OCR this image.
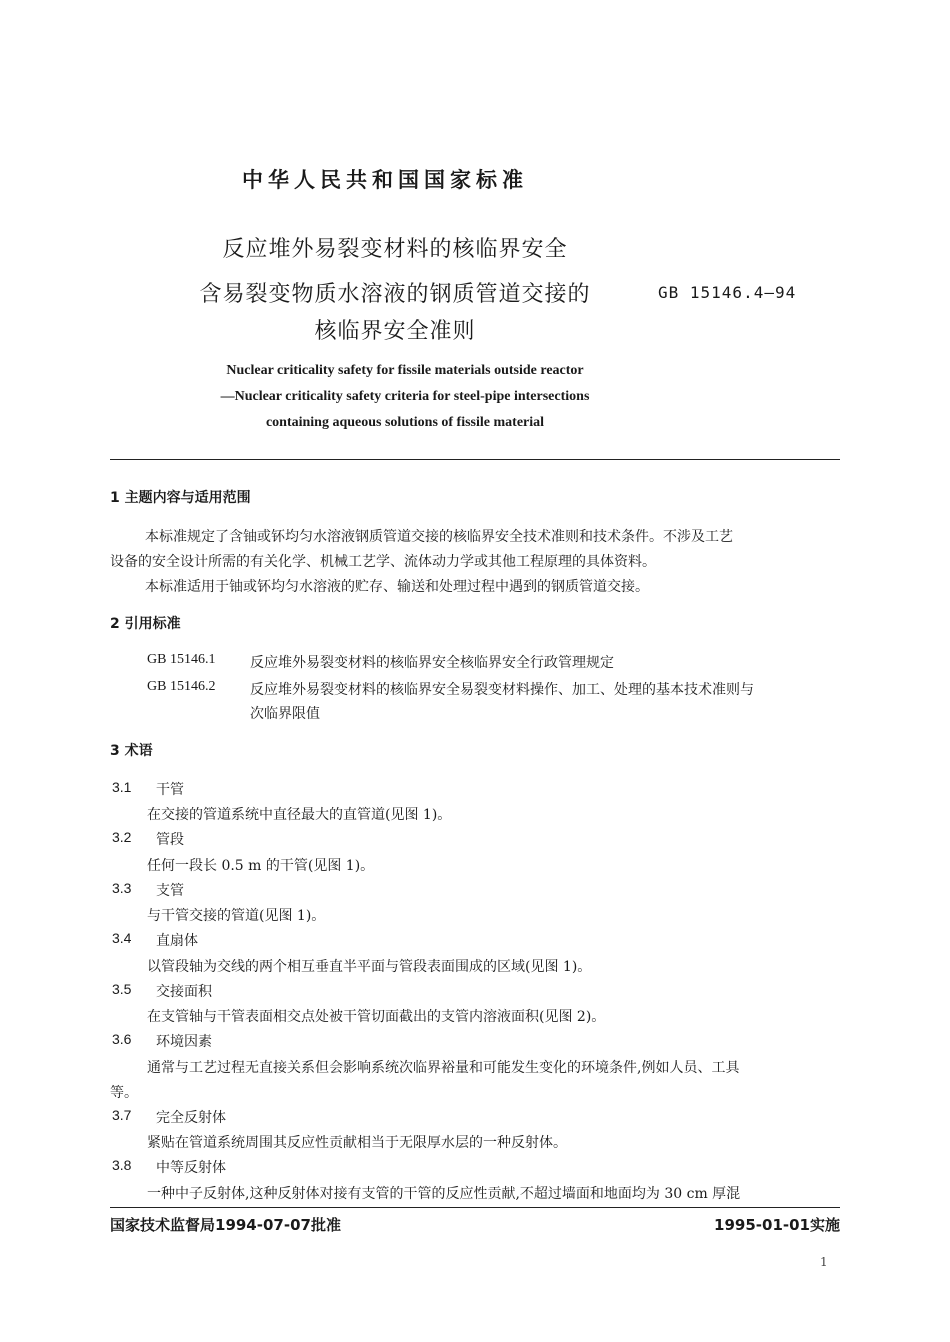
中华人民共和国国家标准
反应堆外易裂变材料的核临界安全
含易裂变物质水溶液的钢质管道交接的
核临界安全准则
GB 15146.4—94
Nuclear criticality safety for fissile materials outside reactor
—Nuclear criticality safety criteria for steel-pipe intersections
containing aqueous solutions of fissile material
1 主题内容与适用范围
本标准规定了含铀或钚均匀水溶液钢质管道交接的核临界安全技术准则和技术条件。不涉及工艺
设备的安全设计所需的有关化学、机械工艺学、流体动力学或其他工程原理的具体资料。
本标准适用于铀或钚均匀水溶液的贮存、输送和处理过程中遇到的钢质管道交接。
2 引用标准
GB 15146.1 反应堆外易裂变材料的核临界安全核临界安全行政管理规定
GB 15146.2 反应堆外易裂变材料的核临界安全易裂变材料操作、加工、处理的基本技术准则与
次临界限值
3 术语
3.1 干管
在交接的管道系统中直径最大的直管道(见图 1)。
3.2 管段
任何一段长 0.5 m 的干管(见图 1)。
3.3 支管
与干管交接的管道(见图 1)。
3.4 直扇体
以管段轴为交线的两个相互垂直半平面与管段表面围成的区域(见图 1)。
3.5 交接面积
在支管轴与干管表面相交点处被干管切面截出的支管内溶液面积(见图 2)。
3.6 环境因素
通常与工艺过程无直接关系但会影响系统次临界裕量和可能发生变化的环境条件,例如人员、工具
等。
3.7 完全反射体
紧贴在管道系统周围其反应性贡献相当于无限厚水层的一种反射体。
3.8 中等反射体
一种中子反射体,这种反射体对接有支管的干管的反应性贡献,不超过墙面和地面均为 30 cm 厚混
国家技术监督局1994-07-07批准	1995-01-01实施
1
